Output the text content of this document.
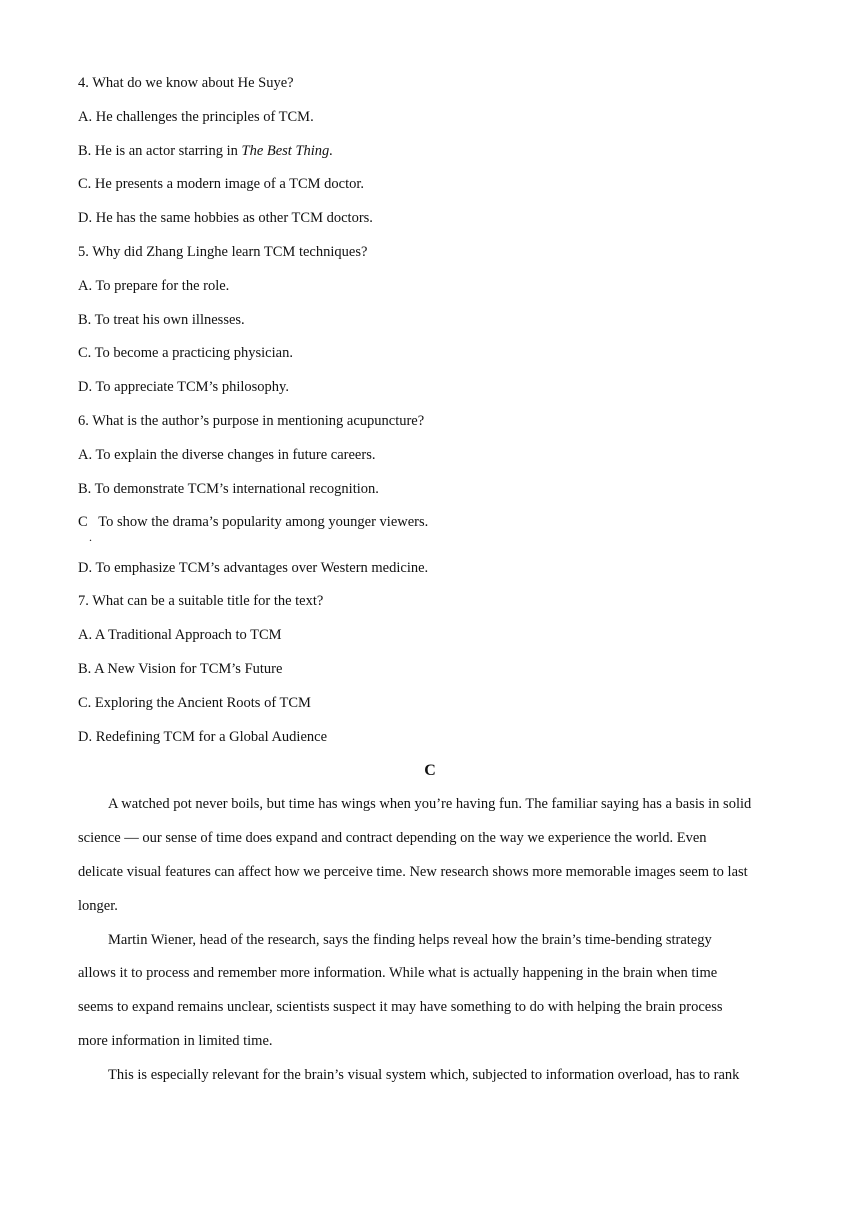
4. What do we know about He Suye?
A. He challenges the principles of TCM.
B. He is an actor starring in The Best Thing.
C. He presents a modern image of a TCM doctor.
D. He has the same hobbies as other TCM doctors.
5. Why did Zhang Linghe learn TCM techniques?
A. To prepare for the role.
B. To treat his own illnesses.
C. To become a practicing physician.
D. To appreciate TCM’s philosophy.
6. What is the author’s purpose in mentioning acupuncture?
A. To explain the diverse changes in future careers.
B. To demonstrate TCM’s international recognition.
C   To show the drama’s popularity among younger viewers.
.
D. To emphasize TCM’s advantages over Western medicine.
7. What can be a suitable title for the text?
A. A Traditional Approach to TCM
B. A New Vision for TCM’s Future
C. Exploring the Ancient Roots of TCM
D. Redefining TCM for a Global Audience
C
A watched pot never boils, but time has wings when you’re having fun. The familiar saying has a basis in solid
science — our sense of time does expand and contract depending on the way we experience the world. Even
delicate visual features can affect how we perceive time. New research shows more memorable images seem to last
longer.
Martin Wiener, head of the research, says the finding helps reveal how the brain’s time-bending strategy
allows it to process and remember more information. While what is actually happening in the brain when time
seems to expand remains unclear, scientists suspect it may have something to do with helping the brain process
more information in limited time.
This is especially relevant for the brain’s visual system which, subjected to information overload, has to rank
